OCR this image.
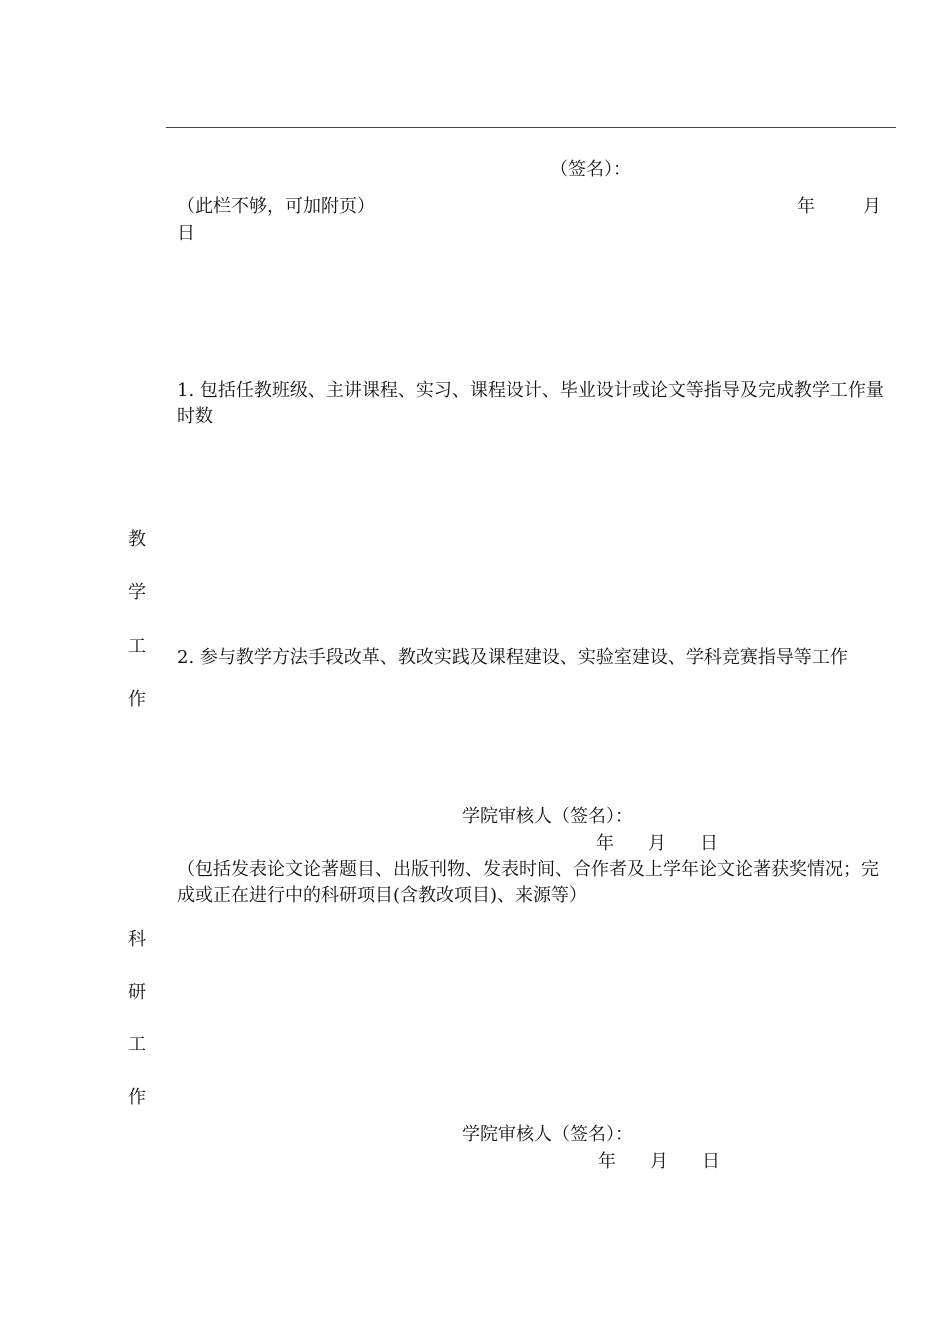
（签名）：
（此栏不够，可加附页）	年	月
日
1. 包括任教班级、主讲课程、实习、课程设计、毕业设计或论文等指导及完成教学工作量时数
教
学
工
作
2. 参与教学方法手段改革、教改实践及课程建设、实验室建设、学科竞赛指导等工作
学院审核人（签名）：
年 月 日
（包括发表论文论著题目、出版刊物、发表时间、合作者及上学年论文论著获奖情况；完成或正在进行中的科研项目(含教改项目)、来源等）
科
研
工
作
学院审核人（签名）：
年 月 日
